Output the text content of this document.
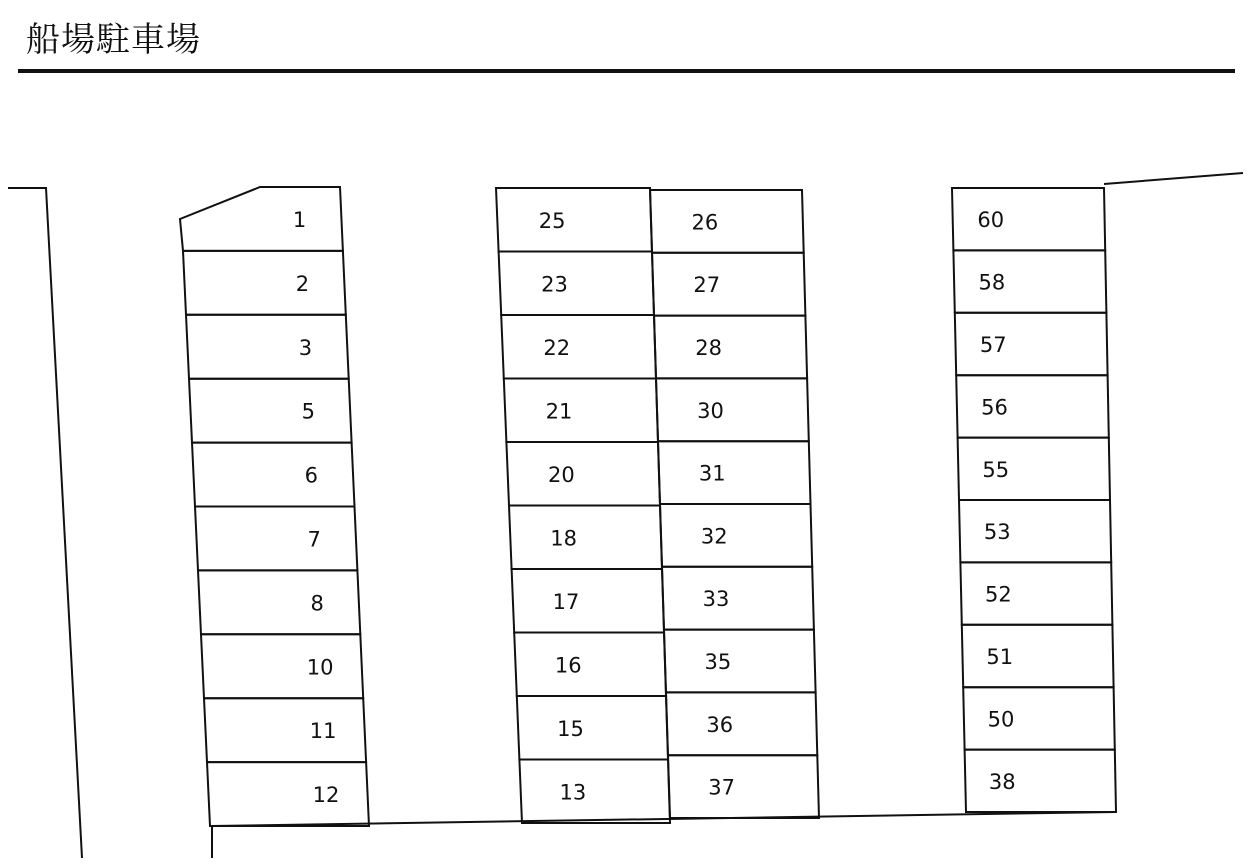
船場駐車場
1
2
3
5
6
7
8
10
11
12
25
23
22
21
20
18
17
16
15
13
26
27
28
30
31
32
33
35
36
37
60
58
57
56
55
53
52
51
50
38
